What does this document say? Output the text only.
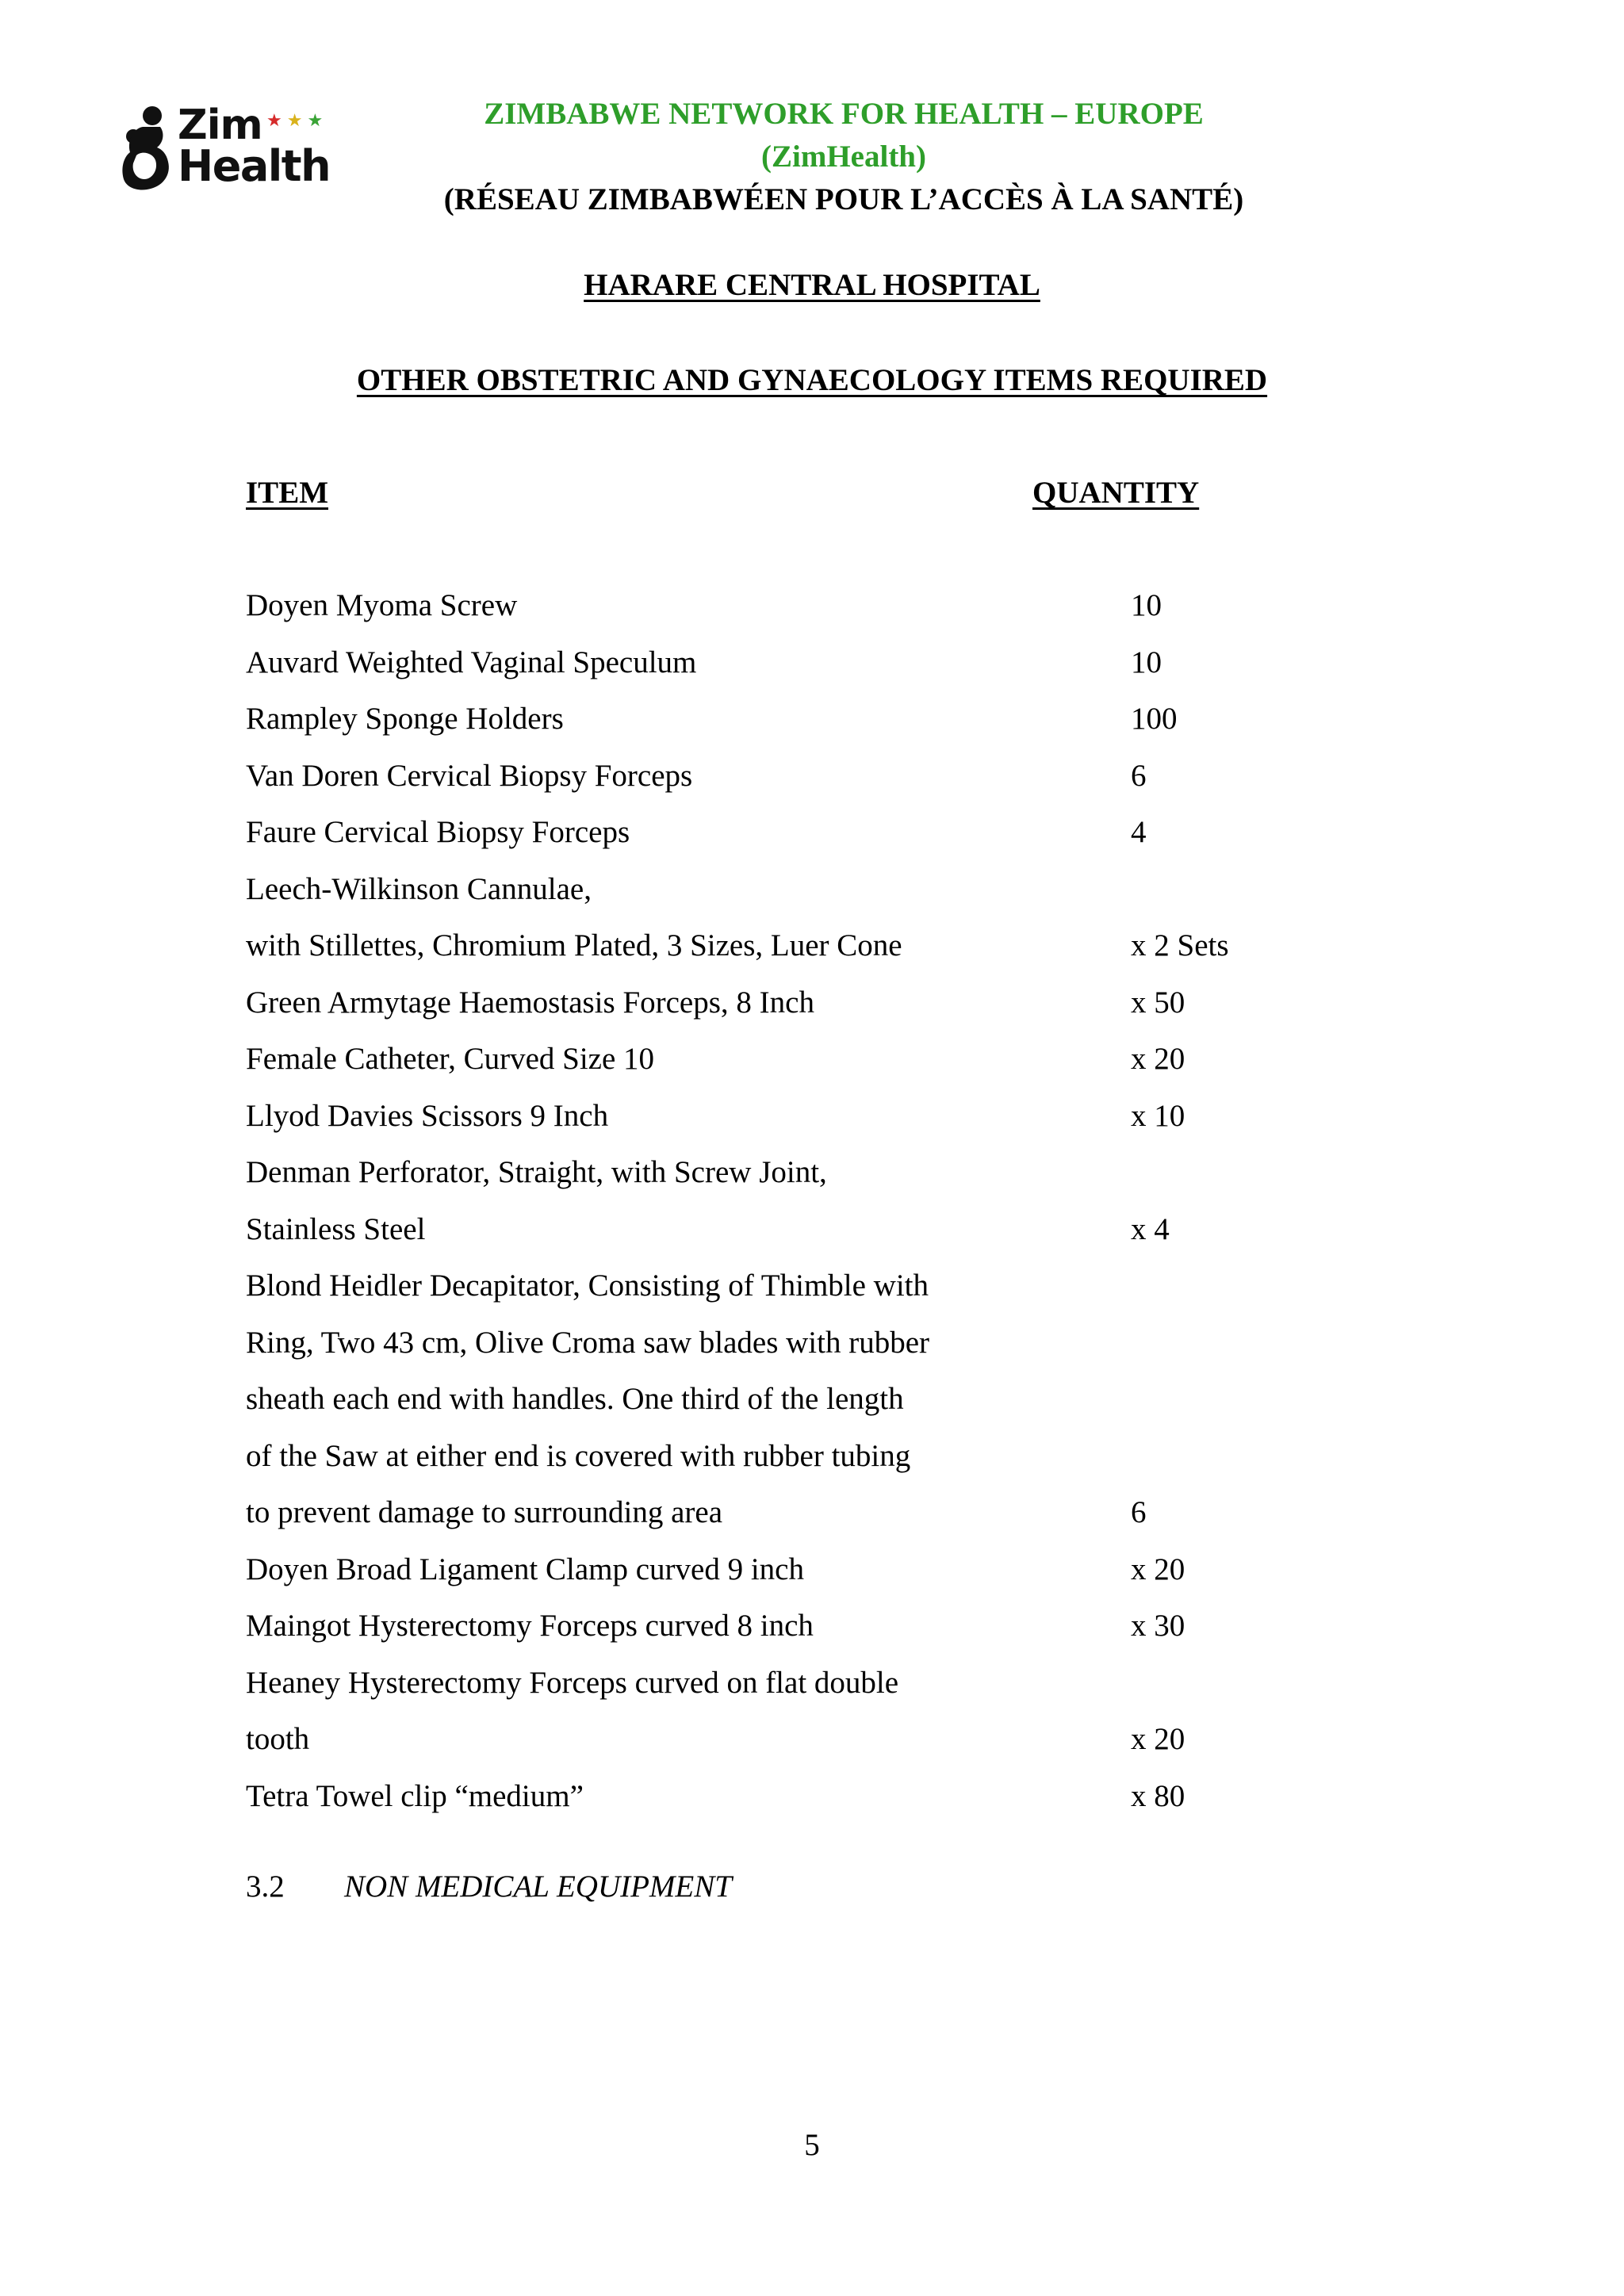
Zim ★★★
Health
ZIMBABWE NETWORK FOR HEALTH – EUROPE
(ZimHealth)
(RÉSEAU ZIMBABWÉEN POUR L’ACCÈS À LA SANTÉ)
HARARE CENTRAL HOSPITAL
OTHER OBSTETRIC AND GYNAECOLOGY ITEMS REQUIRED
ITEM	QUANTITY
Doyen Myoma Screw	10
Auvard Weighted Vaginal Speculum	10
Rampley Sponge Holders	100
Van Doren Cervical Biopsy Forceps	6
Faure Cervical Biopsy Forceps	4
Leech-Wilkinson Cannulae,
with Stillettes, Chromium Plated, 3 Sizes, Luer Cone	x 2 Sets
Green Armytage Haemostasis Forceps, 8 Inch	x 50
Female Catheter, Curved Size 10	x 20
Llyod Davies Scissors 9 Inch	x 10
Denman Perforator, Straight, with Screw Joint,
Stainless Steel	x 4
Blond Heidler Decapitator, Consisting of Thimble with
Ring, Two 43 cm, Olive Croma saw blades with rubber
sheath each end with handles. One third of the length
of the Saw at either end is covered with rubber tubing
to prevent damage to surrounding area	6
Doyen Broad Ligament Clamp curved 9 inch	x 20
Maingot Hysterectomy Forceps curved 8 inch	x 30
Heaney Hysterectomy Forceps curved on flat double
tooth	x 20
Tetra Towel clip “medium”	x 80
3.2 NON MEDICAL EQUIPMENT
5
